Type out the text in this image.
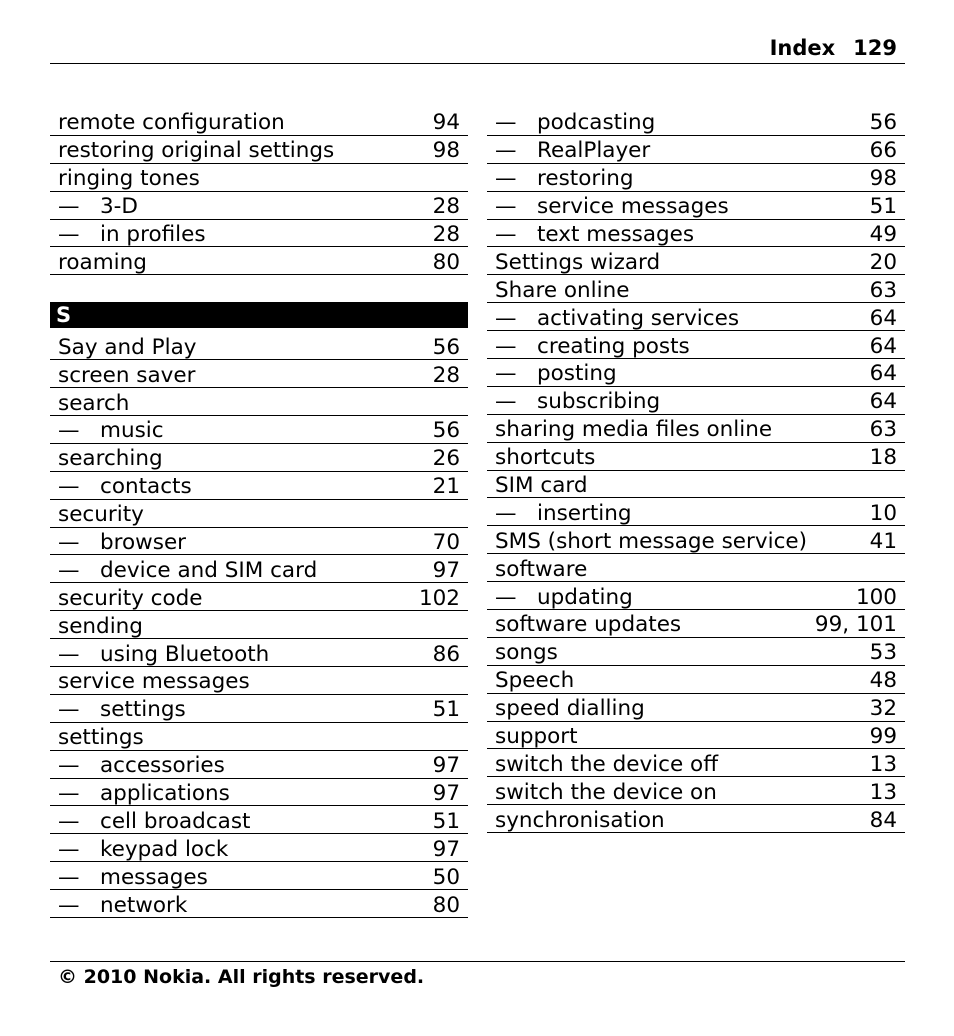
Index 129
remote configuration	94
restoring original settings	98
ringing tones
— 3-D	28
— in profiles	28
roaming	80
S
Say and Play	56
screen saver	28
search
— music	56
searching	26
— contacts	21
security
— browser	70
— device and SIM card	97
security code	102
sending
— using Bluetooth	86
service messages
— settings	51
settings
— accessories	97
— applications	97
— cell broadcast	51
— keypad lock	97
— messages	50
— network	80
— podcasting	56
— RealPlayer	66
— restoring	98
— service messages	51
— text messages	49
Settings wizard	20
Share online	63
— activating services	64
— creating posts	64
— posting	64
— subscribing	64
sharing media files online	63
shortcuts	18
SIM card
— inserting	10
SMS (short message service)	41
software
— updating	100
software updates	99, 101
songs	53
Speech	48
speed dialling	32
support	99
switch the device off	13
switch the device on	13
synchronisation	84
© 2010 Nokia. All rights reserved.
